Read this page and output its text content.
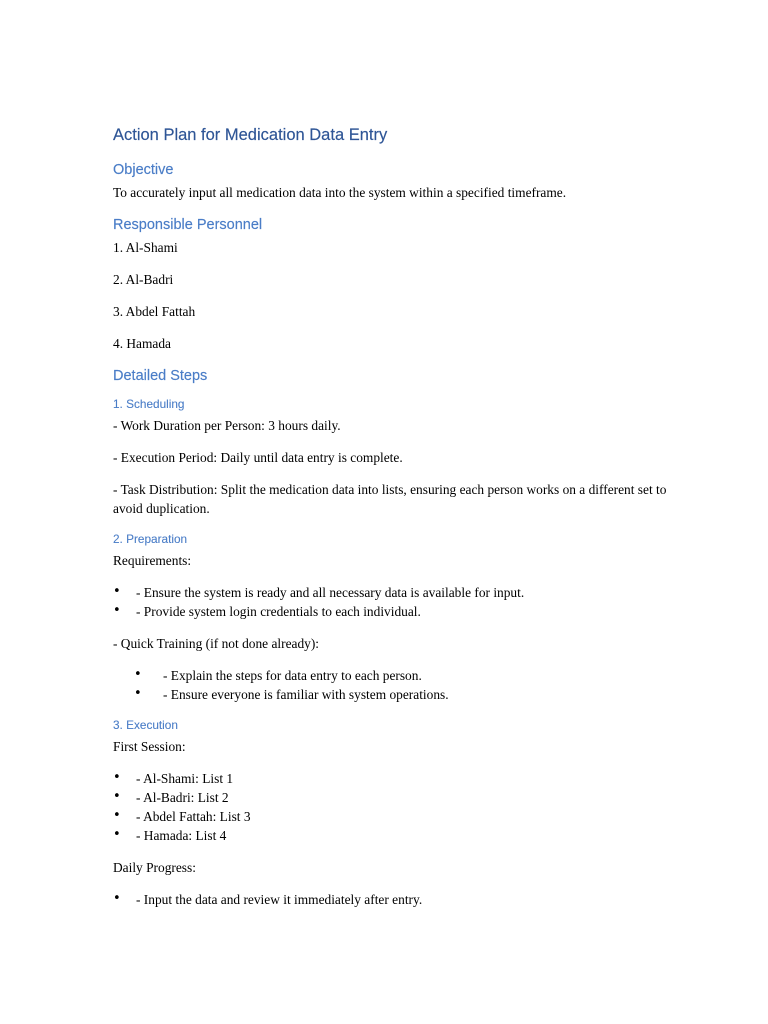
Action Plan for Medication Data Entry
Objective

To accurately input all medication data into the system within a specified timeframe.

Responsible Personnel

1. Al-Shami

2. Al-Badri

3. Abdel Fattah

4. Hamada

Detailed Steps
1. Scheduling

- Work Duration per Person: 3 hours daily.

- Execution Period: Daily until data entry is complete.

- Task Distribution: Split the medication data into lists, ensuring each person works on a different set to avoid duplication.

2. Preparation

Requirements:

• - Ensure the system is ready and all necessary data is available for input.
• - Provide system login credentials to each individual.

- Quick Training (if not done already):

• - Explain the steps for data entry to each person.
• - Ensure everyone is familiar with system operations.
3. Execution

First Session:

• - Al-Shami: List 1
• - Al-Badri: List 2
• - Abdel Fattah: List 3
• - Hamada: List 4

Daily Progress:

• - Input the data and review it immediately after entry.
